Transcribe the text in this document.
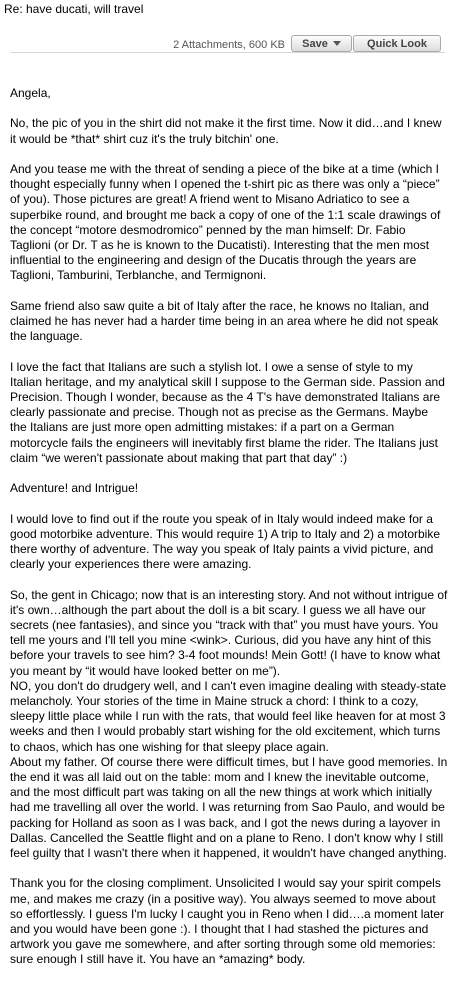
Re: have ducati, will travel
2 Attachments, 600 KB Save	Quick Look

Angela,

No, the pic of you in the shirt did not make it the first time. Now it did…and I knew it would be *that* shirt cuz it's the truly bitchin' one.

And you tease me with the threat of sending a piece of the bike at a time (which I thought especially funny when I opened the t-shirt pic as there was only a “piece” of you). Those pictures are great! A friend went to Misano Adriatico to see a superbike round, and brought me back a copy of one of the 1:1 scale drawings of the concept “motore desmodromico” penned by the man himself: Dr. Fabio Taglioni (or Dr. T as he is known to the Ducatisti). Interesting that the men most influential to the engineering and design of the Ducatis through the years are Taglioni, Tamburini, Terblanche, and Termignoni.

Same friend also saw quite a bit of Italy after the race, he knows no Italian, and claimed he has never had a harder time being in an area where he did not speak the language.

I love the fact that Italians are such a stylish lot. I owe a sense of style to my Italian heritage, and my analytical skill I suppose to the German side. Passion and Precision. Though I wonder, because as the 4 T's have demonstrated Italians are clearly passionate and precise. Though not as precise as the Germans. Maybe the Italians are just more open admitting mistakes: if a part on a German motorcycle fails the engineers will inevitably first blame the rider. The Italians just claim “we weren't passionate about making that part that day” :)

Adventure! and Intrigue!

I would love to find out if the route you speak of in Italy would indeed make for a good motorbike adventure. This would require 1) A trip to Italy and 2) a motorbike there worthy of adventure. The way you speak of Italy paints a vivid picture, and clearly your experiences there were amazing.

So, the gent in Chicago; now that is an interesting story. And not without intrigue of it's own…although the part about the doll is a bit scary. I guess we all have our secrets (nee fantasies), and since you “track with that” you must have yours. You tell me yours and I'll tell you mine <wink>. Curious, did you have any hint of this before your travels to see him? 3-4 foot mounds! Mein Gott! (I have to know what you meant by “it would have looked better on me”).

NO, you don't do drudgery well, and I can't even imagine dealing with steady-state melancholy. Your stories of the time in Maine struck a chord: I think to a cozy, sleepy little place while I run with the rats, that would feel like heaven for at most 3 weeks and then I would probably start wishing for the old excitement, which turns to chaos, which has one wishing for that sleepy place again.

About my father. Of course there were difficult times, but I have good memories. In the end it was all laid out on the table: mom and I knew the inevitable outcome, and the most difficult part was taking on all the new things at work which initially had me travelling all over the world. I was returning from Sao Paulo, and would be packing for Holland as soon as I was back, and I got the news during a layover in Dallas. Cancelled the Seattle flight and on a plane to Reno. I don't know why I still feel guilty that I wasn't there when it happened, it wouldn't have changed anything.

Thank you for the closing compliment. Unsolicited I would say your spirit compels me, and makes me crazy (in a positive way). You always seemed to move about so effortlessly. I guess I'm lucky I caught you in Reno when I did….a moment later and you would have been gone :). I thought that I had stashed the pictures and artwork you gave me somewhere, and after sorting through some old memories: sure enough I still have it. You have an *amazing* body.
